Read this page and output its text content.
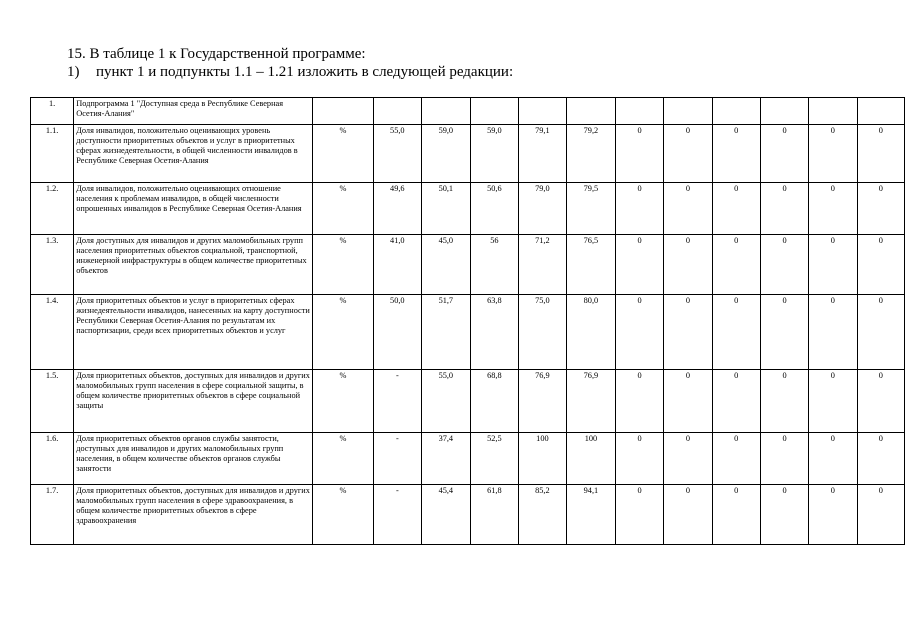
15. В таблице 1 к Государственной программе:
1) пункт 1 и подпункты 1.1 – 1.21 изложить в следующей редакции:
1.	Подпрограмма 1 "Доступная среда в Республике Северная Осетия-Алания"												
1.1.	Доля инвалидов, положительно оценивающих уровень доступности приоритетных объектов и услуг в приоритетных сферах жизнедеятельности, в общей численности инвалидов в Республике Северная Осетия-Алания	%	55,0	59,0	59,0	79,1	79,2	0	0	0	0	0	0
1.2.	Доля инвалидов, положительно оценивающих отношение населения к проблемам инвалидов, в общей численности опрошенных инвалидов в Республике Северная Осетия-Алания	%	49,6	50,1	50,6	79,0	79,5	0	0	0	0	0	0
1.3.	Доля доступных для инвалидов и других маломобильных групп населения приоритетных объектов социальной, транспортной, инженерной инфраструктуры в общем количестве приоритетных объектов	%	41,0	45,0	56	71,2	76,5	0	0	0	0	0	0
1.4.	Доля приоритетных объектов и услуг в приоритетных сферах жизнедеятельности инвалидов, нанесенных на карту доступности Республики Северная Осетия-Алания по результатам их паспортизации, среди всех приоритетных объектов и услуг	%	50,0	51,7	63,8	75,0	80,0	0	0	0	0	0	0
1.5.	Доля приоритетных объектов, доступных для инвалидов и других маломобильных групп населения в сфере социальной защиты, в общем количестве приоритетных объектов в сфере социальной защиты	%	-	55,0	68,8	76,9	76,9	0	0	0	0	0	0
1.6.	Доля приоритетных объектов органов службы занятости, доступных для инвалидов и других маломобильных групп населения, в общем количестве объектов органов службы занятости	%	-	37,4	52,5	100	100	0	0	0	0	0	0
1.7.	Доля приоритетных объектов, доступных для инвалидов и других маломобильных групп населения в сфере здравоохранения, в общем количестве приоритетных объектов в сфере здравоохранения	%	-	45,4	61,8	85,2	94,1	0	0	0	0	0	0
